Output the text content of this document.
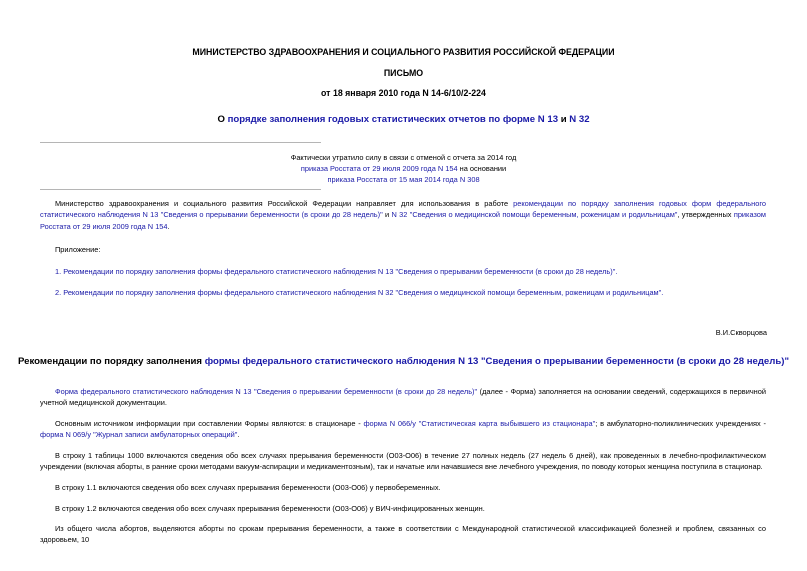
МИНИСТЕРСТВО ЗДРАВООХРАНЕНИЯ И СОЦИАЛЬНОГО РАЗВИТИЯ РОССИЙСКОЙ ФЕДЕРАЦИИ
ПИСЬМО
от 18 января 2010 года N 14-6/10/2-224
О порядке заполнения годовых статистических отчетов по форме N 13 и N 32
Фактически утратило силу в связи с отменой с отчета за 2014 год
приказа Росстата от 29 июля 2009 года N 154 на основании
приказа Росстата от 15 мая 2014 года N 308

Министерство здравоохранения и социального развития Российской Федерации направляет для использования в работе рекомендации по порядку заполнения годовых форм федерального статистического наблюдения N 13 "Сведения о прерывании беременности (в сроки до 28 недель)" и N 32 "Сведения о медицинской помощи беременным, роженицам и родильницам", утвержденных приказом Росстата от 29 июля 2009 года N 154.

Приложение:
1. Рекомендации по порядку заполнения формы федерального статистического наблюдения N 13 "Сведения о прерывании беременности (в сроки до 28 недель)".
2. Рекомендации по порядку заполнения формы федерального статистического наблюдения N 32 "Сведения о медицинской помощи беременным, роженицам и родильницам".
В.И.Скворцова
Рекомендации по порядку заполнения формы федерального статистического наблюдения N 13 "Сведения о прерывании беременности (в сроки до 28 недель)"

Форма федерального статистического наблюдения N 13 "Сведения о прерывании беременности (в сроки до 28 недель)" (далее - Форма) заполняется на основании сведений, содержащихся в первичной учетной медицинской документации.

Основным источником информации при составлении Формы являются: в стационаре - форма N 066/у "Статистическая карта выбывшего из стационара"; в амбулаторно-поликлинических учреждениях - форма N 069/у "Журнал записи амбулаторных операций".

В строку 1 таблицы 1000 включаются сведения обо всех случаях прерывания беременности (О03-О06) в течение 27 полных недель (27 недель 6 дней), как проведенных в лечебно-профилактическом учреждении (включая аборты, в ранние сроки методами вакуум-аспирации и медикаментозным), так и начатые или начавшиеся вне лечебного учреждения, по поводу которых женщина поступила в стационар.

В строку 1.1 включаются сведения обо всех случаях прерывания беременности (О03-О06) у первобеременных.

В строку 1.2 включаются сведения обо всех случаях прерывания беременности (О03-О06) у ВИЧ-инфицированных женщин.

Из общего числа абортов, выделяются аборты по срокам прерывания беременности, а также в соответствии с Международной статистической классификацией болезней и проблем, связанных со здоровьем, 10
